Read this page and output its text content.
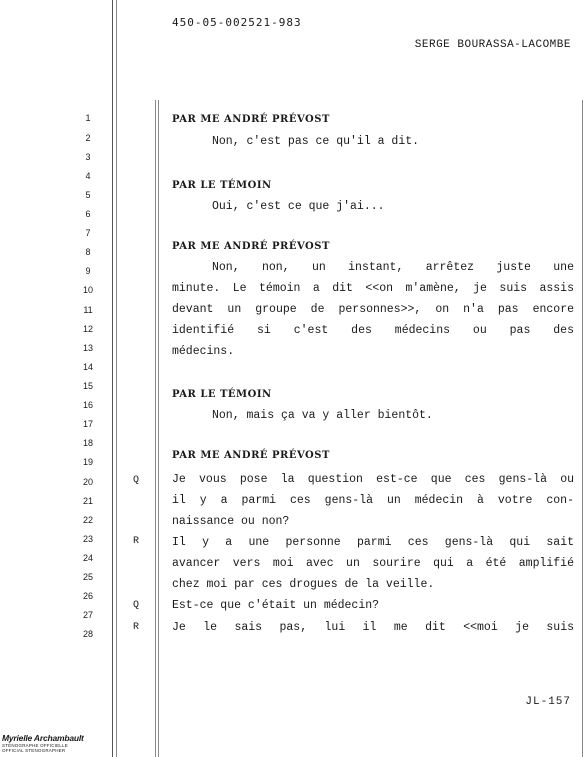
450-05-002521-983
SERGE BOURASSA-LACOMBE
1
2
3
4
5
6
7
8
9
10
11
12
13
14
15
16
17
18
19
20
21
22
23
24
25
26
27
28
Q
R
Q
R
PAR ME ANDRÉ PRÉVOST
Non, c'est pas ce qu'il a dit.
PAR LE TÉMOIN
Oui, c'est ce que j'ai...
PAR ME ANDRÉ PRÉVOST
Non, non, un instant, arrêtez juste une
minute. Le témoin a dit <<on m'amène, je suis assis
devant un groupe de personnes>>, on n'a pas encore
identifié si c'est des médecins ou pas des
médecins.
PAR LE TÉMOIN
Non, mais ça va y aller bientôt.
PAR ME ANDRÉ PRÉVOST
Je vous pose la question est-ce que ces gens-là ou
il y a parmi ces gens-là un médecin à votre con-
naissance ou non?
Il y a une personne parmi ces gens-là qui sait
avancer vers moi avec un sourire qui a été amplifié
chez moi par ces drogues de la veille.
Est-ce que c'était un médecin?
Je le sais pas, lui il me dit <<moi je suis
JL-157
Myrielle Archambault
STÉNOGRAPHE OFFICIELLE
OFFICIAL STENOGRAPHER
